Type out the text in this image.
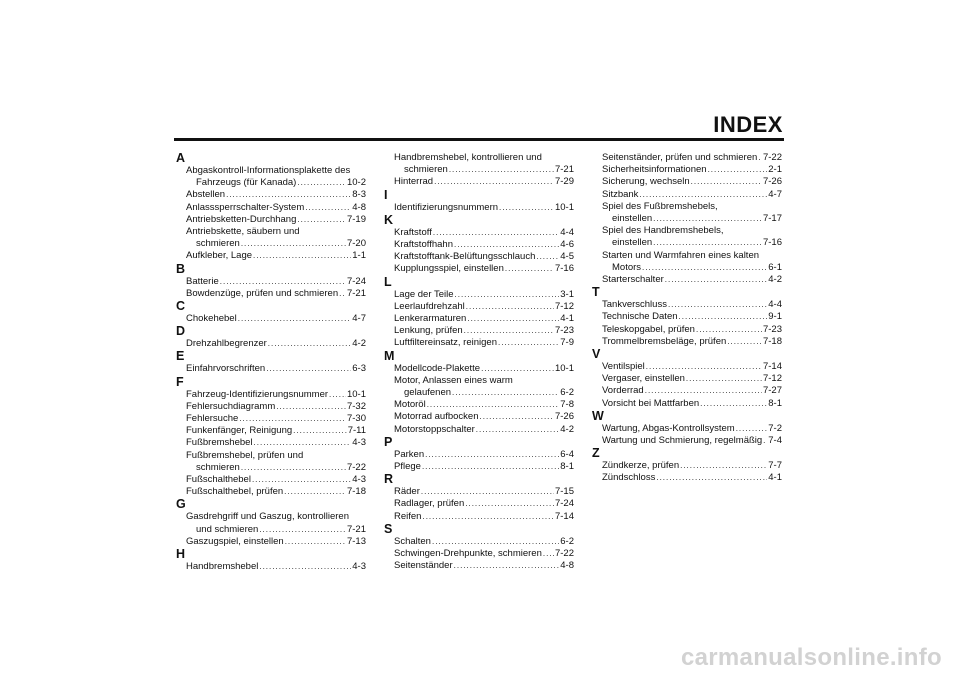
INDEX
A
Abgaskontroll-Informationsplakette des
Fahrzeugs (für Kanada) .....	10-2
Abstellen .....	8-3
Anlasssperrschalter-System .....	4-8
Antriebsketten-Durchhang .....	7-19
Antriebskette, säubern und
schmieren .....	7-20
Aufkleber, Lage .....	1-1
B
Batterie .....	7-24
Bowdenzüge, prüfen und schmieren ..... 7-21
C
Chokehebel .....	4-7
D
Drehzahlbegrenzer .....	4-2
E
Einfahrvorschriften .....	6-3
F
Fahrzeug-Identifizierungsnummer ..... 10-1
Fehlersuchdiagramm .....	7-32
Fehlersuche .....	7-30
Funkenfänger, Reinigung .....	7-11
Fußbremshebel .....	4-3
Fußbremshebel, prüfen und
schmieren .....	7-22
Fußschalthebel .....	4-3
Fußschalthebel, prüfen .....	7-18
G
Gasdrehgriff und Gaszug, kontrollieren
und schmieren .....	7-21
Gaszugspiel, einstellen .....	7-13
H
Handbremshebel .....	4-3
Handbremshebel, kontrollieren und
schmieren .....	7-21
Hinterrad .....	7-29
I
Identifizierungsnummern .....	10-1
K
Kraftstoff .....	4-4
Kraftstoffhahn .....	4-6
Kraftstofftank-Belüftungsschlauch .....	4-5
Kupplungsspiel, einstellen .....	7-16
L
Lage der Teile .....	3-1
Leerlaufdrehzahl .....	7-12
Lenkerarmaturen .....	4-1
Lenkung, prüfen .....	7-23
Luftfiltereinsatz, reinigen .....	7-9
M
Modellcode-Plakette .....	10-1
Motor, Anlassen eines warm
gelaufenen .....	6-2
Motoröl .....	7-8
Motorrad aufbocken .....	7-26
Motorstoppschalter .....	4-2
P
Parken .....	6-4
Pflege .....	8-1
R
Räder .....	7-15
Radlager, prüfen .....	7-24
Reifen .....	7-14
S
Schalten .....	6-2
Schwingen-Drehpunkte, schmieren ..... 7-22
Seitenständer .....	4-8
Seitenständer, prüfen und schmieren ..... 7-22
Sicherheitsinformationen .....	2-1
Sicherung, wechseln .....	7-26
Sitzbank .....	4-7
Spiel des Fußbremshebels,
einstellen .....	7-17
Spiel des Handbremshebels,
einstellen .....	7-16
Starten und Warmfahren eines kalten
Motors .....	6-1
Starterschalter .....	4-2
T
Tankverschluss .....	4-4
Technische Daten .....	9-1
Teleskopgabel, prüfen .....	7-23
Trommelbremsbeläge, prüfen .....	7-18
V
Ventilspiel .....	7-14
Vergaser, einstellen .....	7-12
Vorderrad .....	7-27
Vorsicht bei Mattfarben .....	8-1
W
Wartung, Abgas-Kontrollsystem .....	7-2
Wartung und Schmierung, regelmäßig ..... 7-4
Z
Zündkerze, prüfen .....	7-7
Zündschloss .....	4-1
carmanualsonline.info
